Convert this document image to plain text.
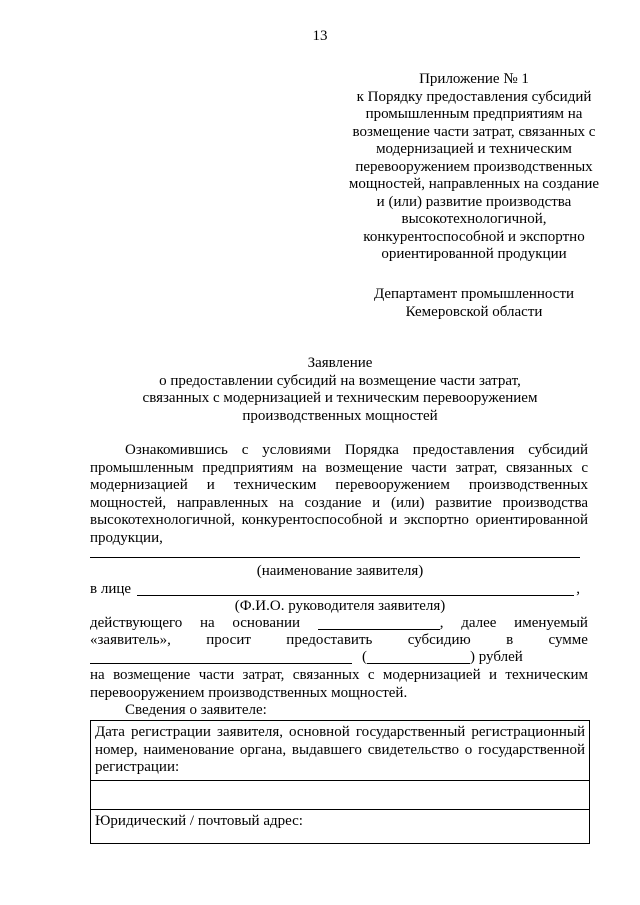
13
Приложение № 1
к Порядку предоставления субсидий
промышленным предприятиям на
возмещение части затрат, связанных с
модернизацией и техническим
перевооружением производственных
мощностей, направленных на создание
и (или) развитие производства
высокотехнологичной,
конкурентоспособной и экспортно
ориентированной продукции
Департамент промышленности
Кемеровской области
Заявление
о предоставлении субсидий на возмещение части затрат,
связанных с модернизацией и техническим перевооружением
производственных мощностей
Ознакомившись с условиями Порядка предоставления субсидий
промышленным предприятиям на возмещение части затрат, связанных с
модернизацией и техническим перевооружением производственных
мощностей, направленных на создание и (или) развитие производства
высокотехнологичной, конкурентоспособной и экспортно ориентированной
продукции,
(наименование заявителя)
в лице	,
(Ф.И.О. руководителя заявителя)
действующего на основании	, далее именуемый
«заявитель», просит предоставить субсидию в сумме
(	) рублей
на возмещение части затрат, связанных с модернизацией и техническим
перевооружением производственных мощностей.
Сведения о заявителе:
Дата регистрации заявителя, основной государственный регистрационный номер, наименование органа, выдавшего свидетельство о государственной регистрации:

Юридический / почтовый адрес:
